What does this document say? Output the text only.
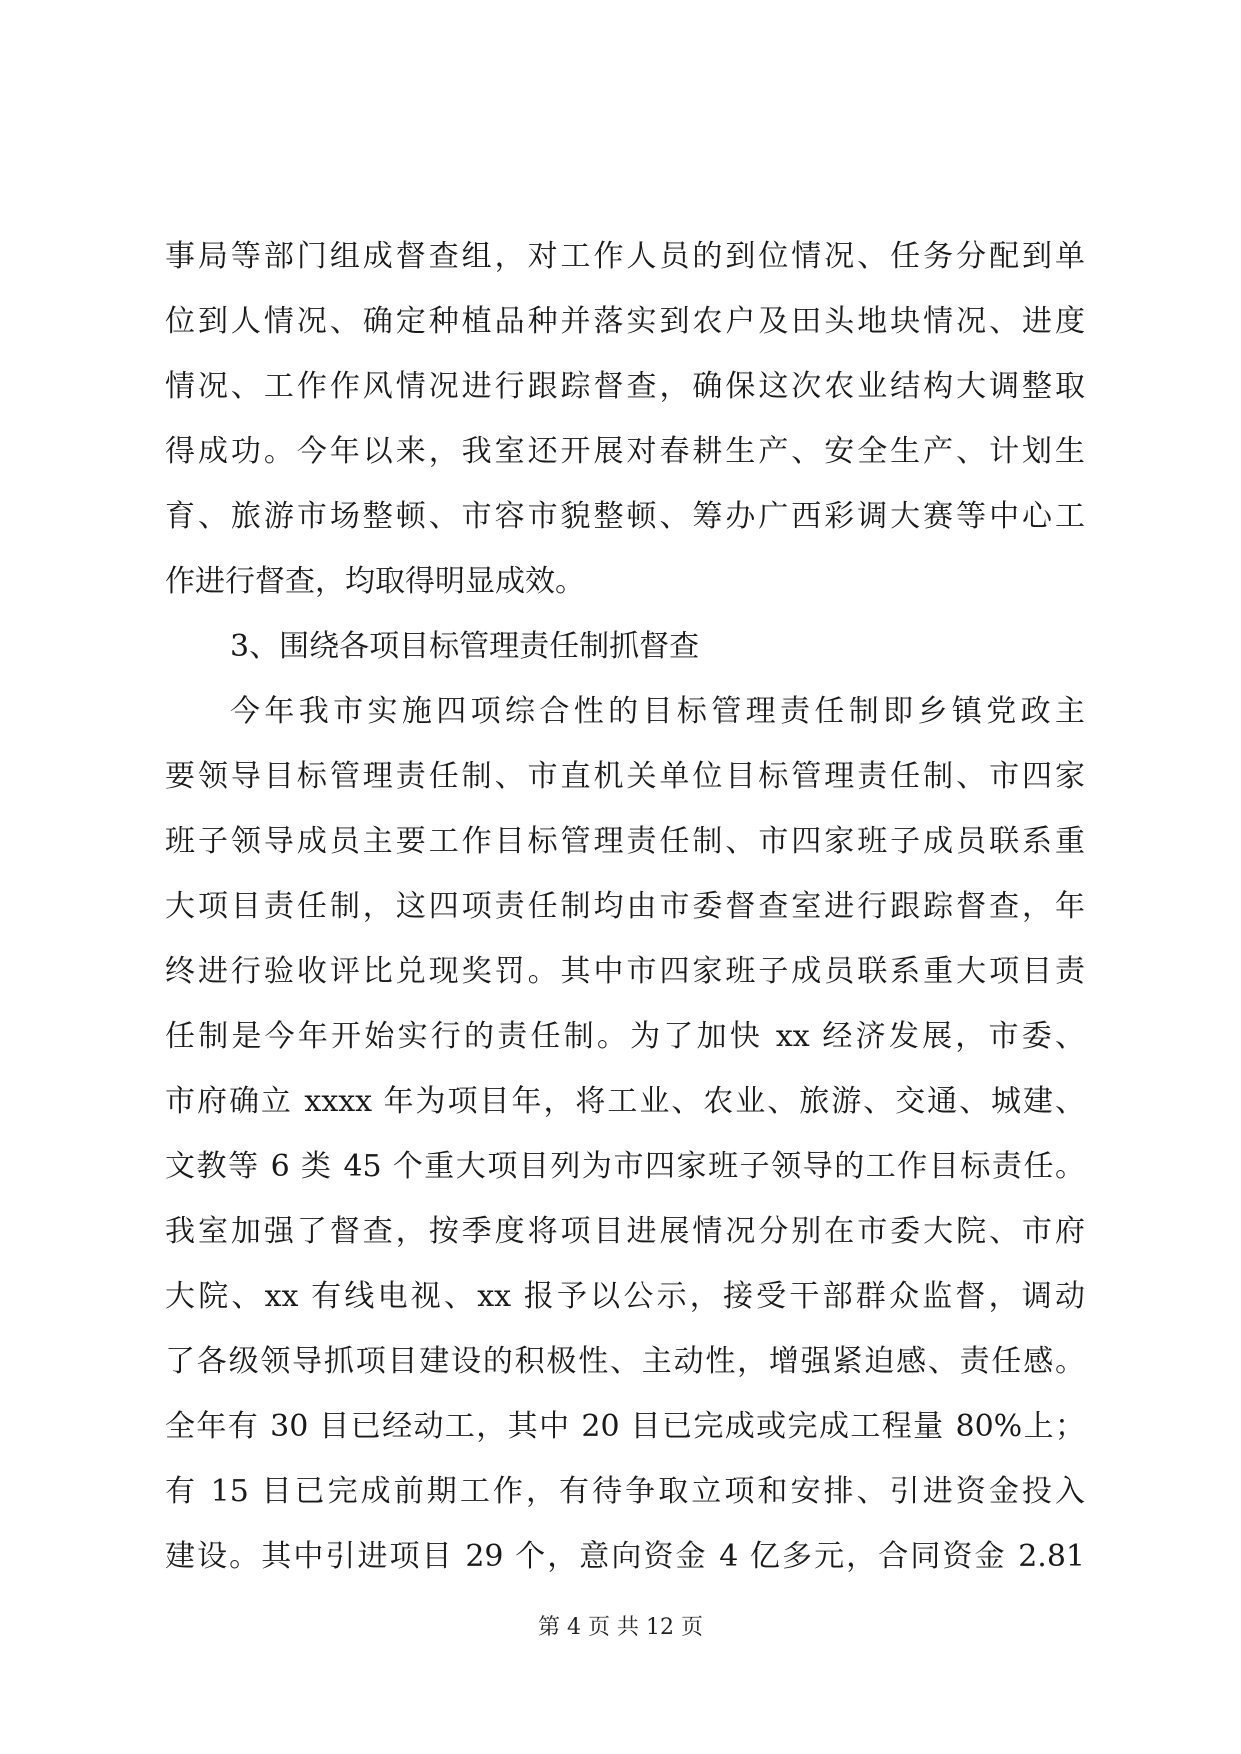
事局等部门组成督查组，对工作人员的到位情况、任务分配到单
位到人情况、确定种植品种并落实到农户及田头地块情况、进度
情况、工作作风情况进行跟踪督查，确保这次农业结构大调整取
得成功。今年以来，我室还开展对春耕生产、安全生产、计划生
育、旅游市场整顿、市容市貌整顿、筹办广西彩调大赛等中心工
作进行督查，均取得明显成效。
3、围绕各项目标管理责任制抓督查
今年我市实施四项综合性的目标管理责任制即乡镇党政主
要领导目标管理责任制、市直机关单位目标管理责任制、市四家
班子领导成员主要工作目标管理责任制、市四家班子成员联系重
大项目责任制，这四项责任制均由市委督查室进行跟踪督查，年
终进行验收评比兑现奖罚。其中市四家班子成员联系重大项目责
任制是今年开始实行的责任制。为了加快 xx 经济发展，市委、
市府确立 xxxx 年为项目年，将工业、农业、旅游、交通、城建、
文教等 6 类 45 个重大项目列为市四家班子领导的工作目标责任。
我室加强了督查，按季度将项目进展情况分别在市委大院、市府
大院、xx 有线电视、xx 报予以公示，接受干部群众监督，调动
了各级领导抓项目建设的积极性、主动性，增强紧迫感、责任感。
全年有 30 目已经动工，其中 20 目已完成或完成工程量 80%上；
有 15 目已完成前期工作，有待争取立项和安排、引进资金投入
建设。其中引进项目 29 个，意向资金 4 亿多元，合同资金 2.81
第 4 页 共 12 页
